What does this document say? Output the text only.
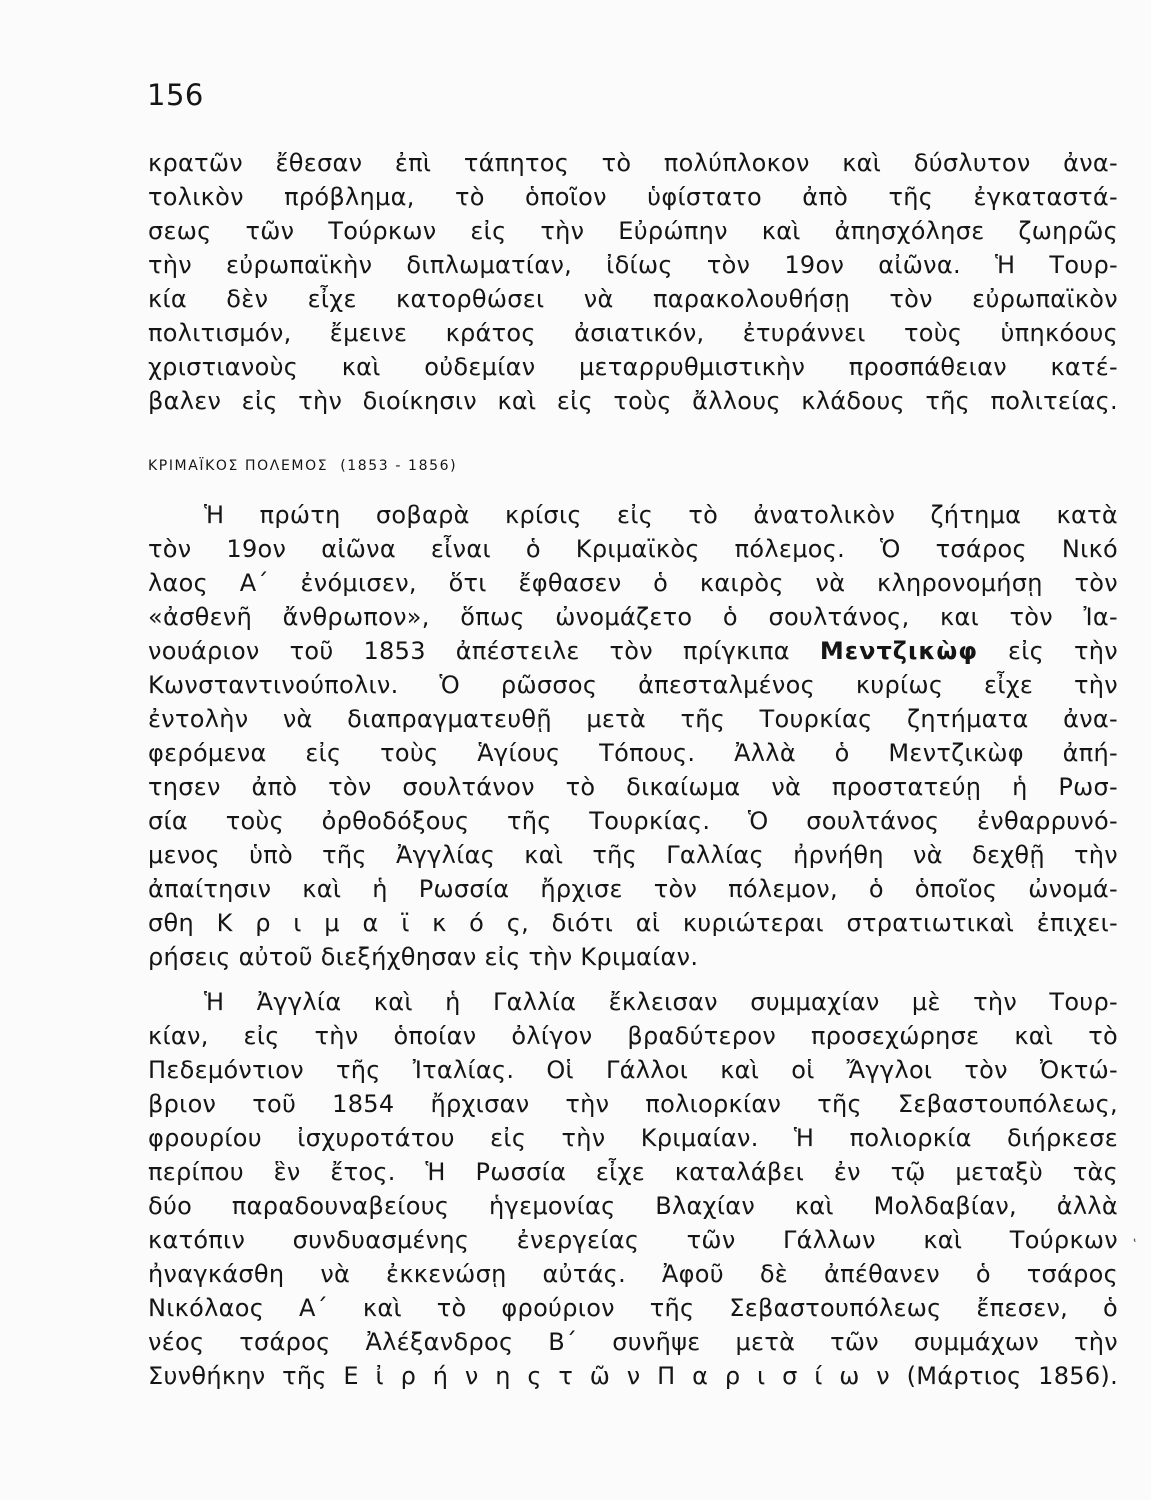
156
κρατῶν ἔθεσαν ἐπὶ τάπητος τὸ πολύπλοκον καὶ δύσλυτον ἀνα-
τολικὸν πρόβλημα, τὸ ὁποῖον ὑφίστατο ἀπὸ τῆς ἐγκαταστά-
σεως τῶν Τούρκων εἰς τὴν Εὐρώπην καὶ ἀπησχόλησε ζωηρῶς
τὴν εὐρωπαϊκὴν διπλωματίαν, ἰδίως τὸν 19ον αἰῶνα. Ἡ Τουρ-
κία δὲν εἶχε κατορθώσει νὰ παρακολουθήσῃ τὸν εὐρωπαϊκὸν
πολιτισμόν, ἔμεινε κράτος ἀσιατικόν, ἐτυράννει τοὺς ὑπηκόους
χριστιανοὺς καὶ οὐδεμίαν μεταρρυθμιστικὴν προσπάθειαν κατέ-
βαλεν εἰς τὴν διοίκησιν καὶ εἰς τοὺς ἄλλους κλάδους τῆς πολιτείας.
ΚΡΙΜΑΪΚΟΣ ΠΟΛΕΜΟΣ (1853 - 1856)
Ἡ πρώτη σοβαρὰ κρίσις εἰς τὸ ἀνατολικὸν ζήτημα κατὰ
τὸν 19ον αἰῶνα εἶναι ὁ Κριμαϊκὸς πόλεμος. Ὁ τσάρος Νικό
λαος Α΄ ἐνόμισεν, ὅτι ἔφθασεν ὁ καιρὸς νὰ κληρονομήσῃ τὸν
«ἀσθενῆ ἄνθρωπον», ὅπως ὠνομάζετο ὁ σουλτάνος, και τὸν Ἰα-
νουάριον τοῦ 1853 ἀπέστειλε τὸν πρίγκιπα Μεντζικὼφ εἰς τὴν
Κωνσταντινούπολιν. Ὁ ρῶσσος ἀπεσταλμένος κυρίως εἶχε τὴν
ἐντολὴν νὰ διαπραγματευθῇ μετὰ τῆς Τουρκίας ζητήματα ἀνα-
φερόμενα εἰς τοὺς Ἁγίους Τόπους. Ἀλλὰ ὁ Μεντζικὼφ ἀπή-
τησεν ἀπὸ τὸν σουλτάνον τὸ δικαίωμα νὰ προστατεύῃ ἡ Ρωσ-
σία τοὺς ὀρθοδόξους τῆς Τουρκίας. Ὁ σουλτάνος ἐνθαρρυνό-
μενος ὑπὸ τῆς Ἀγγλίας καὶ τῆς Γαλλίας ἠρνήθη νὰ δεχθῇ τὴν
ἀπαίτησιν καὶ ἡ Ρωσσία ἤρχισε τὸν πόλεμον, ὁ ὁποῖος ὠνομά-
σθη Κ ρ ι μ α ϊ κ ό ς, διότι αἱ κυριώτεραι στρατιωτικαὶ ἐπιχει-
ρήσεις αὐτοῦ διεξήχθησαν εἰς τὴν Κριμαίαν.
Ἡ Ἀγγλία καὶ ἡ Γαλλία ἔκλεισαν συμμαχίαν μὲ τὴν Τουρ-
κίαν, εἰς τὴν ὁποίαν ὀλίγον βραδύτερον προσεχώρησε καὶ τὸ
Πεδεμόντιον τῆς Ἰταλίας. Οἱ Γάλλοι καὶ οἱ Ἄγγλοι τὸν Ὀκτώ-
βριον τοῦ 1854 ἤρχισαν τὴν πολιορκίαν τῆς Σεβαστουπόλεως,
φρουρίου ἰσχυροτάτου εἰς τὴν Κριμαίαν. Ἡ πολιορκία διήρκεσε
περίπου ἓν ἔτος. Ἡ Ρωσσία εἶχε καταλάβει ἐν τῷ μεταξὺ τὰς
δύο παραδουναβείους ἡγεμονίας Βλαχίαν καὶ Μολδαβίαν, ἀλλὰ
κατόπιν συνδυασμένης ἐνεργείας τῶν Γάλλων καὶ Τούρκων
ἠναγκάσθη νὰ ἐκκενώσῃ αὐτάς. Ἀφοῦ δὲ ἀπέθανεν ὁ τσάρος
Νικόλαος Α΄ καὶ τὸ φρούριον τῆς Σεβαστουπόλεως ἔπεσεν, ὁ
νέος τσάρος Ἀλέξανδρος Β΄ συνῆψε μετὰ τῶν συμμάχων τὴν
Συνθήκην τῆς Ε ἰ ρ ή ν η ς τ ῶ ν Π α ρ ι σ ί ω ν (Μάρτιος 1856).
ͺ
